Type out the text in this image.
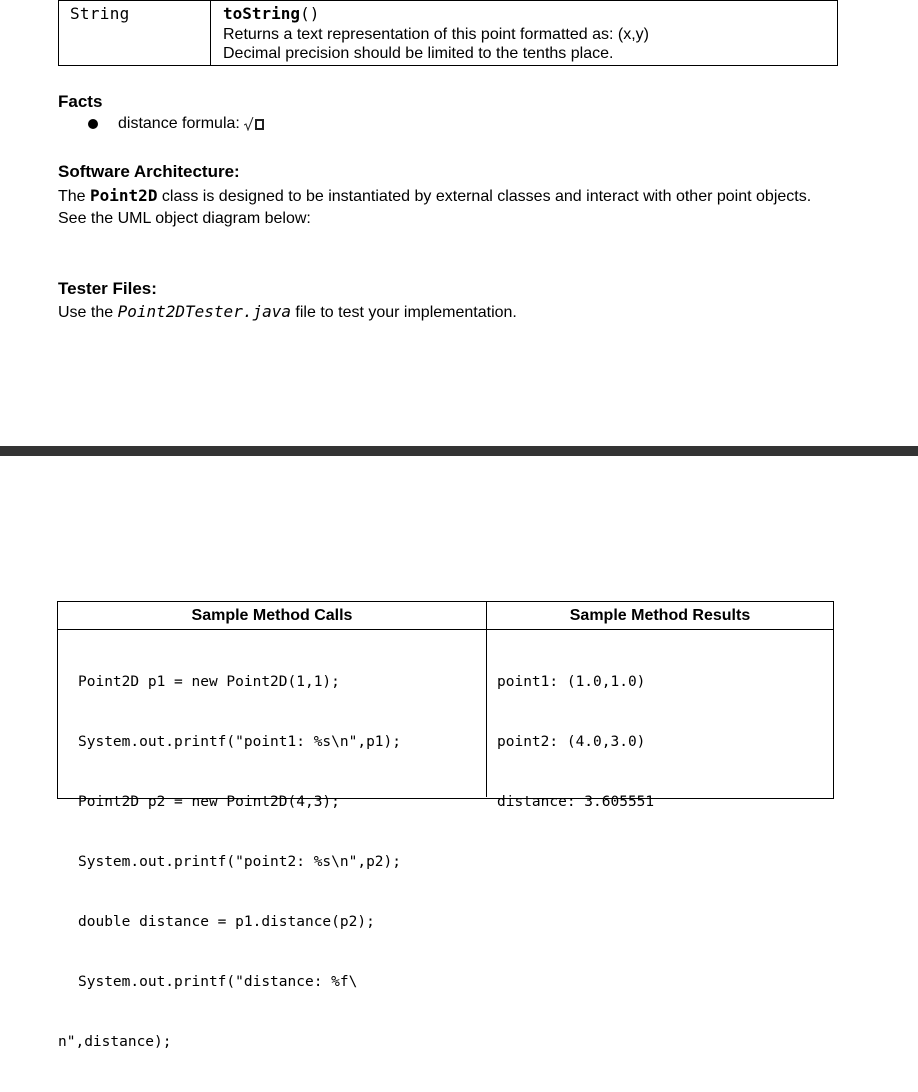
String	toString()
Returns a text representation of this point formatted as: (x,y)
Decimal precision should be limited to the tenths place.
Facts
distance formula:
Software Architecture:
The Point2D class is designed to be instantiated by external classes and interact with other point objects. See the UML object diagram below:
Tester Files:
Use the Point2DTester.java file to test your implementation.
Sample Method Calls	Sample Method Results

Point2D p1 = new Point2D(1,1);

System.out.printf("point1: %s\n",p1);

Point2D p2 = new Point2D(4,3);

System.out.printf("point2: %s\n",p2);

double distance = p1.distance(p2);

System.out.printf("distance: %f\

n",distance);

point1: (1.0,1.0)

point2: (4.0,3.0)

distance: 3.605551
